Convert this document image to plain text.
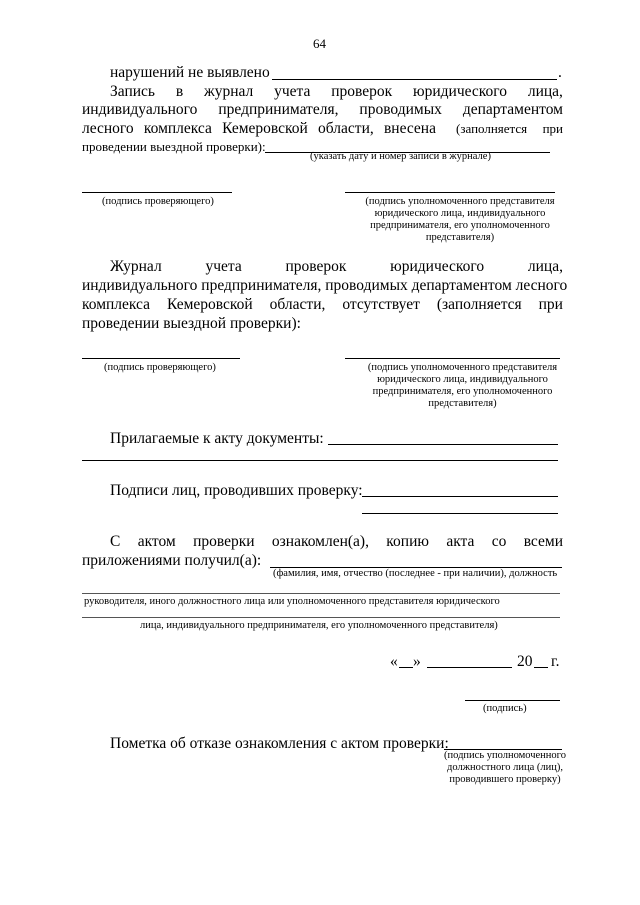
64
нарушений не выявлено	.
Запись в журнал учета проверок юридического лица,
индивидуального предпринимателя, проводимых департаментом
лесного комплекса Кемеровской области, внесена (заполняется при
проведении выездной проверки):
(указать дату и номер записи в журнале)
(подпись проверяющего)	(подпись уполномоченного представителя
юридического лица, индивидуального
предпринимателя, его уполномоченного
представителя)
Журнал	учета	проверок	юридического	лица,
индивидуального предпринимателя, проводимых департаментом лесного
комплекса Кемеровской области, отсутствует (заполняется при
проведении выездной проверки):
(подпись проверяющего)	(подпись уполномоченного представителя
юридического лица, индивидуального
предпринимателя, его уполномоченного
представителя)
Прилагаемые к акту документы:
Подписи лиц, проводивших проверку:
С актом проверки ознакомлен(а), копию акта со всеми
приложениями получил(а):
(фамилия, имя, отчество (последнее - при наличии), должность
руководителя, иного должностного лица или уполномоченного представителя юридического
лица, индивидуального предпринимателя, его уполномоченного представителя)
« »	20 г.
(подпись)
Пометка об отказе ознакомления с актом проверки:
(подпись уполномоченного
должностного лица (лиц),
проводившего проверку)
